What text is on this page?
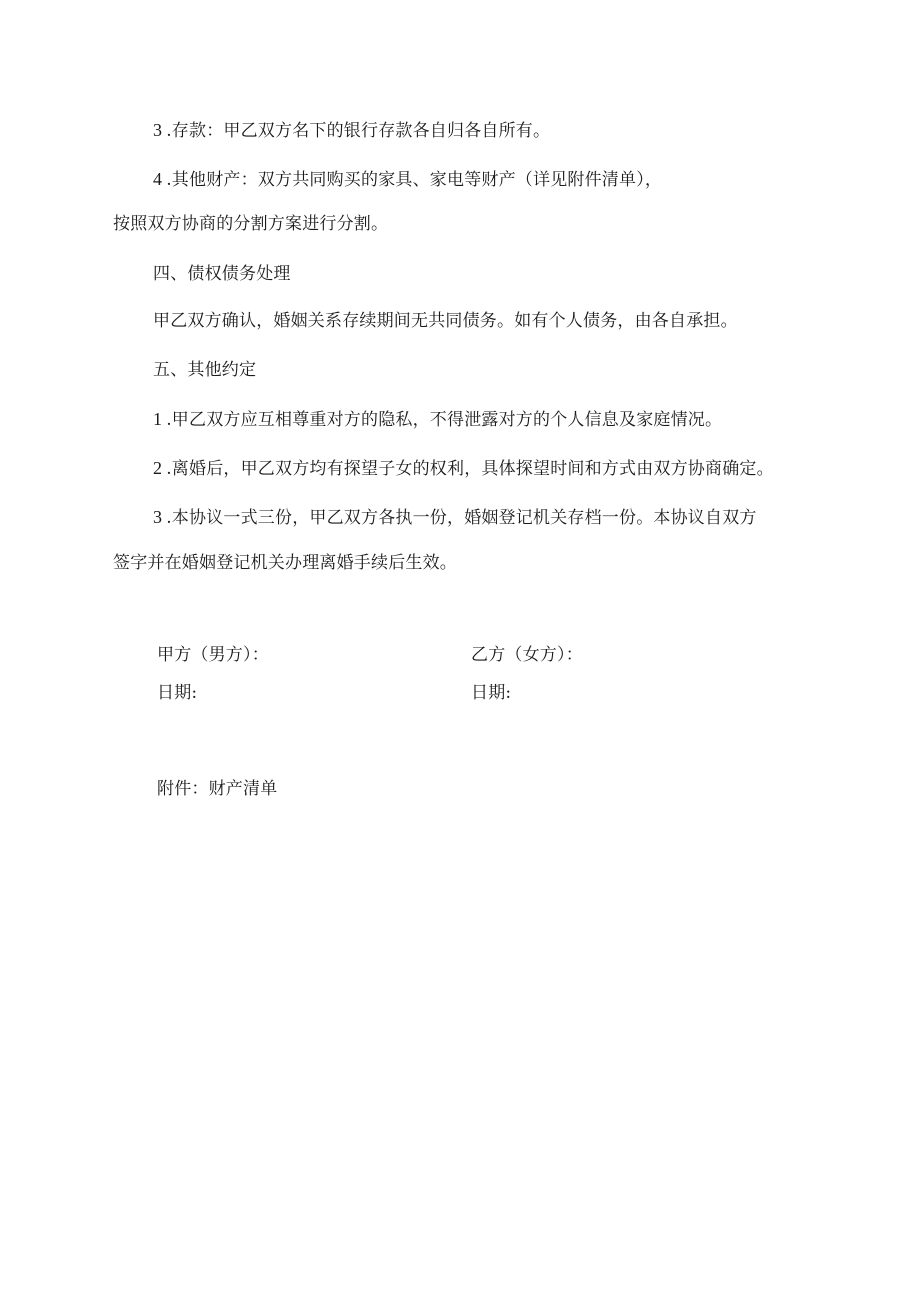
3 .存款：甲乙双方名下的银行存款各自归各自所有。
4 .其他财产：双方共同购买的家具、家电等财产（详见附件清单），
按照双方协商的分割方案进行分割。
四、债权债务处理
甲乙双方确认，婚姻关系存续期间无共同债务。如有个人债务，由各自承担。
五、其他约定
1 .甲乙双方应互相尊重对方的隐私，不得泄露对方的个人信息及家庭情况。
2 .离婚后，甲乙双方均有探望子女的权利，具体探望时间和方式由双方协商确定。
3 .本协议一式三份，甲乙双方各执一份，婚姻登记机关存档一份。本协议自双方
签字并在婚姻登记机关办理离婚手续后生效。
甲方（男方）：	乙方（女方）：
日期:	日期:
附件：财产清单
